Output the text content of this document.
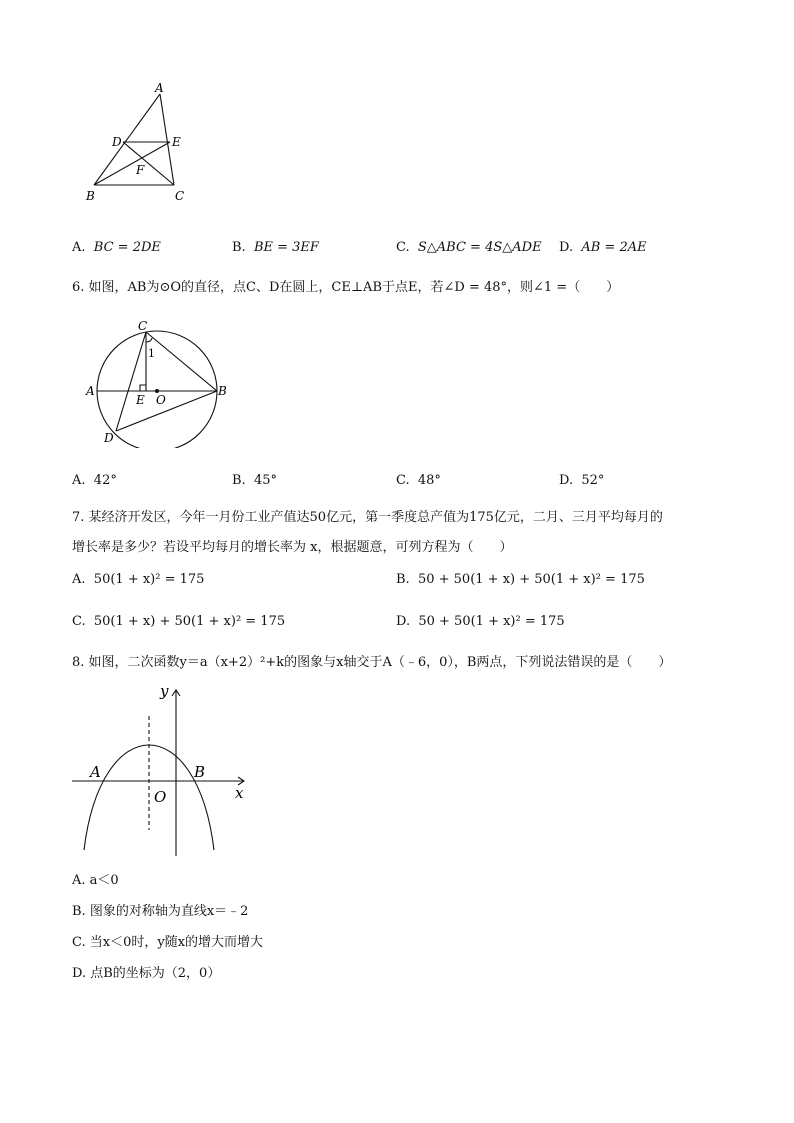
A
D	E
F
B	C
A. BC = 2DE	B. BE = 3EF	C. S△ABC = 4S△ADE D. AB = 2AE
6. 如图，AB为⊙O的直径，点C、D在圆上，CE⊥AB于点E，若∠D = 48°，则∠1 =（　　）
C
1
A	B
E O
D
A. 42°	B. 45°	C. 48°	D. 52°
7. 某经济开发区，今年一月份工业产值达50亿元，第一季度总产值为175亿元，二月、三月平均每月的
增长率是多少？若设平均每月的增长率为 x，根据题意，可列方程为（　　）
A. 50(1 + x)² = 175	B. 50 + 50(1 + x) + 50(1 + x)² = 175
C. 50(1 + x) + 50(1 + x)² = 175	D. 50 + 50(1 + x)² = 175
8. 如图，二次函数y＝a（x+2）²+k的图象与x轴交于A（﹣6，0），B两点，下列说法错误的是（　　）
y
A	B
O	x
A. a＜0
B. 图象的对称轴为直线x＝﹣2
C. 当x＜0时，y随x的增大而增大
D. 点B的坐标为（2，0）
